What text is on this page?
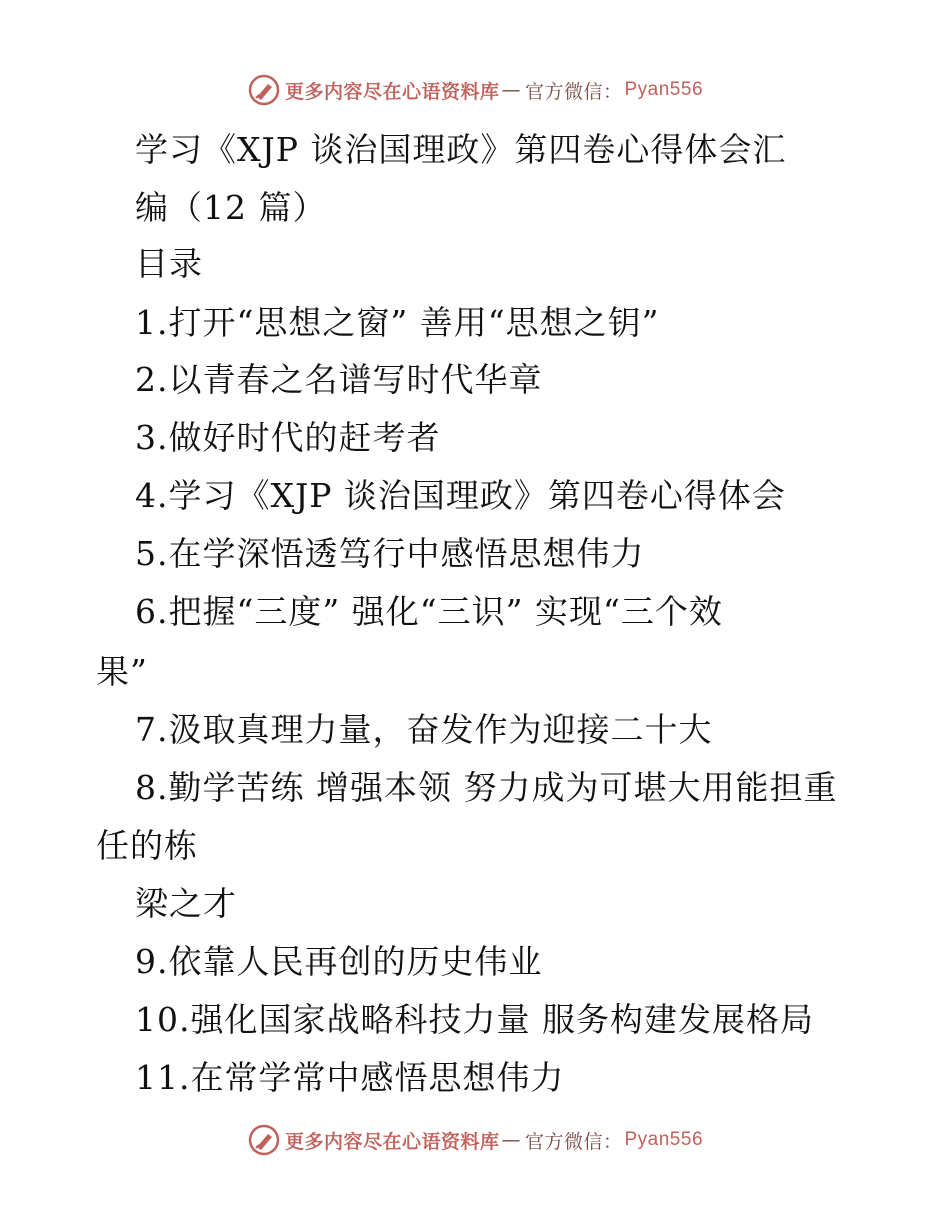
更多内容尽在心语资料库 — 官方微信： Pyan556
学习《XJP 谈治国理政》第四卷心得体会汇
编（12 篇）
目录
1.打开“思想之窗” 善用“思想之钥”
2.以青春之名谱写时代华章
3.做好时代的赶考者
4.学习《XJP 谈治国理政》第四卷心得体会
5.在学深悟透笃行中感悟思想伟力
6.把握“三度” 强化“三识” 实现“三个效
果”
7.汲取真理力量，奋发作为迎接二十大
8.勤学苦练 增强本领 努力成为可堪大用能担重
任的栋
梁之才
9.依靠人民再创的历史伟业
10.强化国家战略科技力量 服务构建发展格局
11.在常学常中感悟思想伟力
更多内容尽在心语资料库 — 官方微信： Pyan556
